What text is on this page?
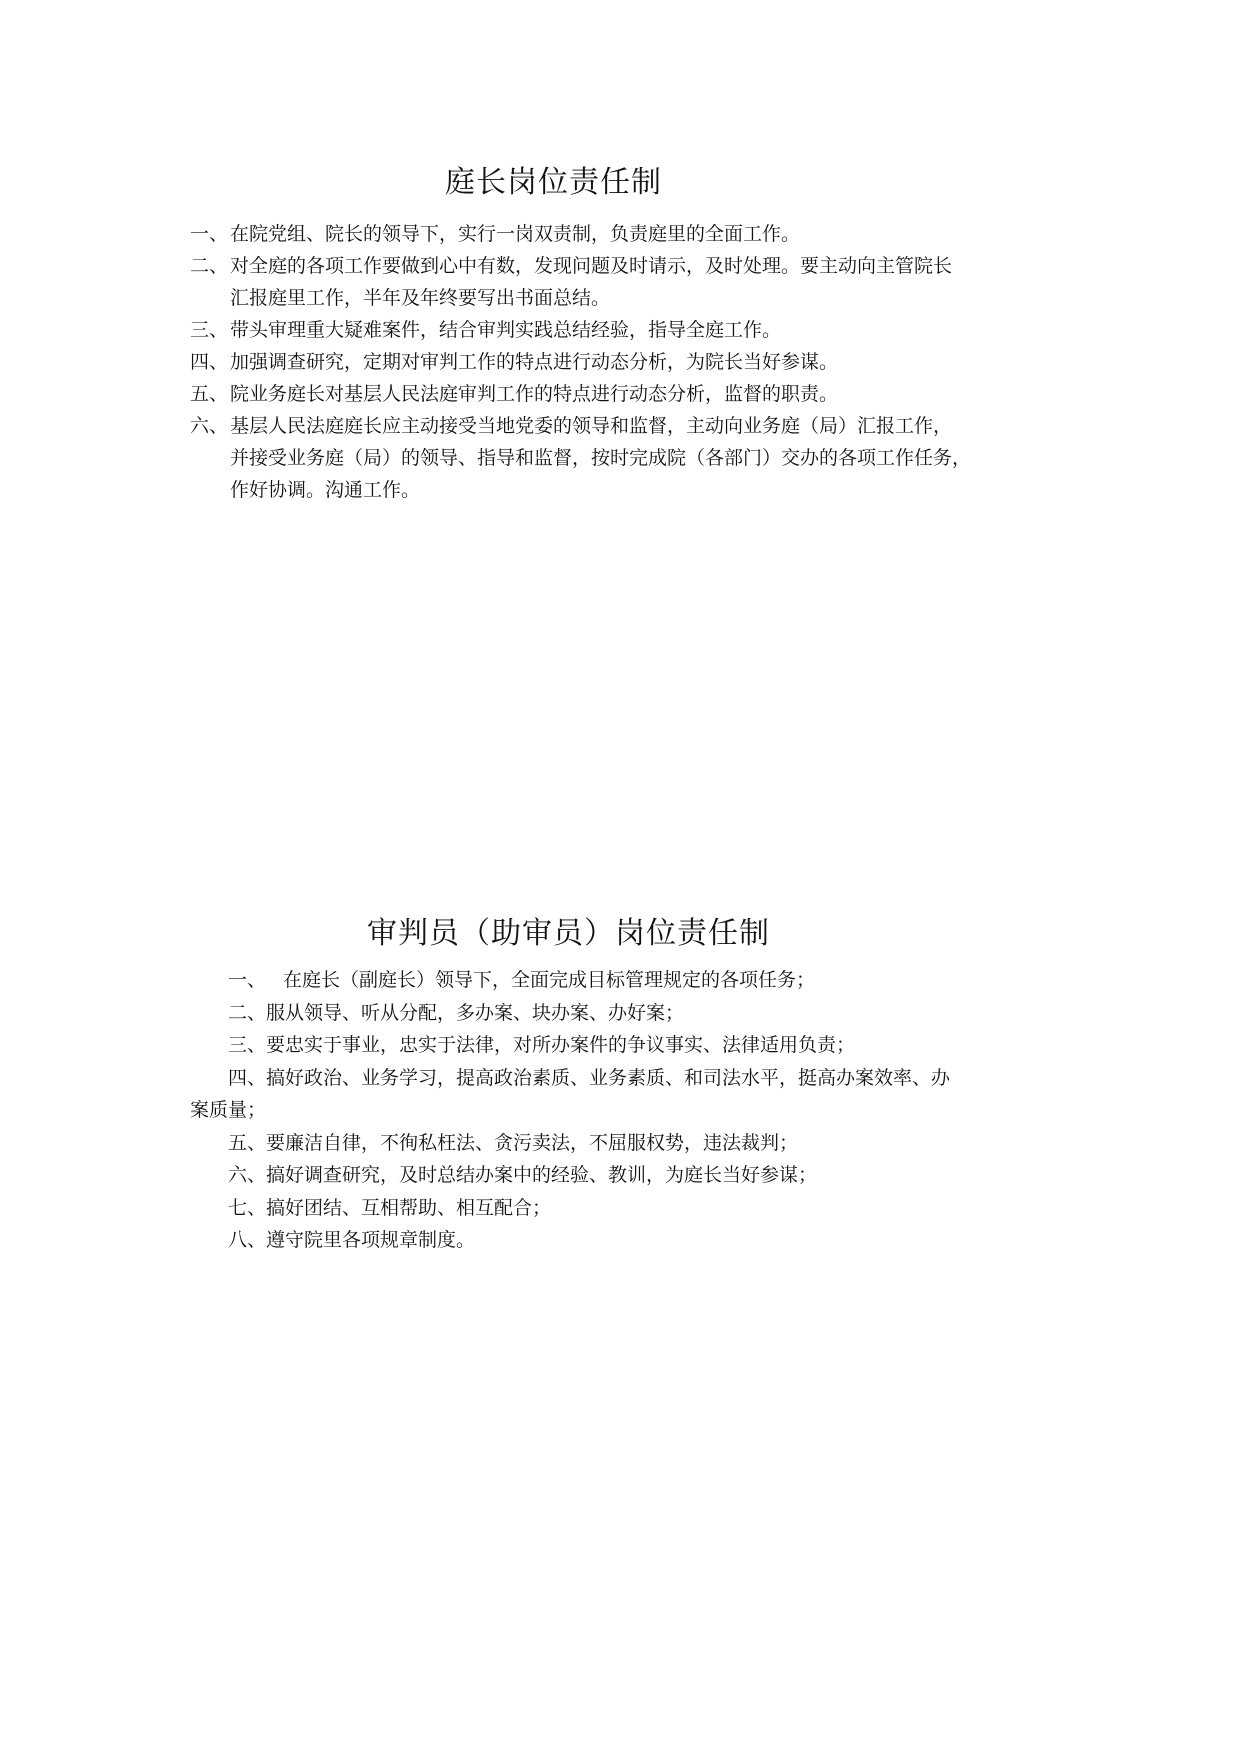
庭长岗位责任制
一、 在院党组、院长的领导下，实行一岗双责制，负责庭里的全面工作。
二、 对全庭的各项工作要做到心中有数，发现问题及时请示，及时处理。要主动向主管院长
汇报庭里工作，半年及年终要写出书面总结。
三、 带头审理重大疑难案件，结合审判实践总结经验，指导全庭工作。
四、 加强调查研究，定期对审判工作的特点进行动态分析，为院长当好参谋。
五、 院业务庭长对基层人民法庭审判工作的特点进行动态分析，监督的职责。
六、 基层人民法庭庭长应主动接受当地党委的领导和监督，主动向业务庭（局）汇报工作，
并接受业务庭（局）的领导、指导和监督，按时完成院（各部门）交办的各项工作任务，
作好协调。沟通工作。
审判员（助审员）岗位责任制
一、 在庭长（副庭长）领导下，全面完成目标管理规定的各项任务；
二、服从领导、听从分配，多办案、块办案、办好案；
三、要忠实于事业，忠实于法律，对所办案件的争议事实、法律适用负责；
四、搞好政治、业务学习，提高政治素质、业务素质、和司法水平，挺高办案效率、办
案质量；
五、要廉洁自律，不徇私枉法、贪污卖法，不屈服权势，违法裁判；
六、搞好调查研究，及时总结办案中的经验、教训，为庭长当好参谋；
七、搞好团结、互相帮助、相互配合；
八、遵守院里各项规章制度。
